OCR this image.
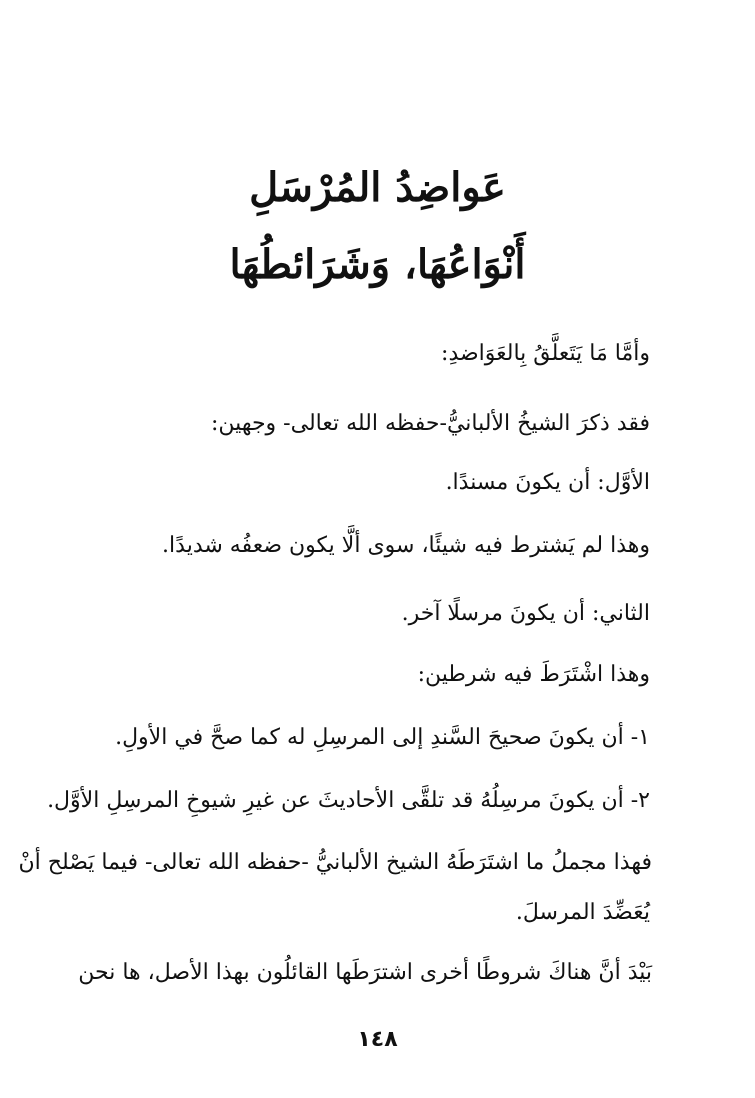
عَواضِدُ المُرْسَلِ
أَنْوَاعُهَا، وَشَرَائطُهَا
وأمَّا مَا يَتَعلَّقُ بِالعَوَاضدِ:
فقد ذكرَ الشيخُ الألبانيُّ-حفظه الله تعالى- وجهين:
الأوَّل: أن يكونَ مسندًا.
وهذا لم يَشترط فيه شيئًا، سوى ألَّا يكون ضعفُه شديدًا.
الثاني: أن يكونَ مرسلًا آخر.
وهذا اشْتَرَطَ فيه شرطين:
١- أن يكونَ صحيحَ السَّندِ إلى المرسِلِ له كما صحَّ في الأولِ.
٢- أن يكونَ مرسِلُهُ قد تلقَّى الأحاديثَ عن غيرِ شيوخِ المرسِلِ الأوَّل.
فهذا مجملُ ما اشتَرَطَهُ الشيخ الألبانيُّ -حفظه الله تعالى- فيما يَصْلح أنْ
يُعَضِّدَ المرسلَ.
بَيْدَ أنَّ هناكَ شروطًا أخرى اشترَطَها القائلُون بهذا الأصل، ها نحن
١٤٨
